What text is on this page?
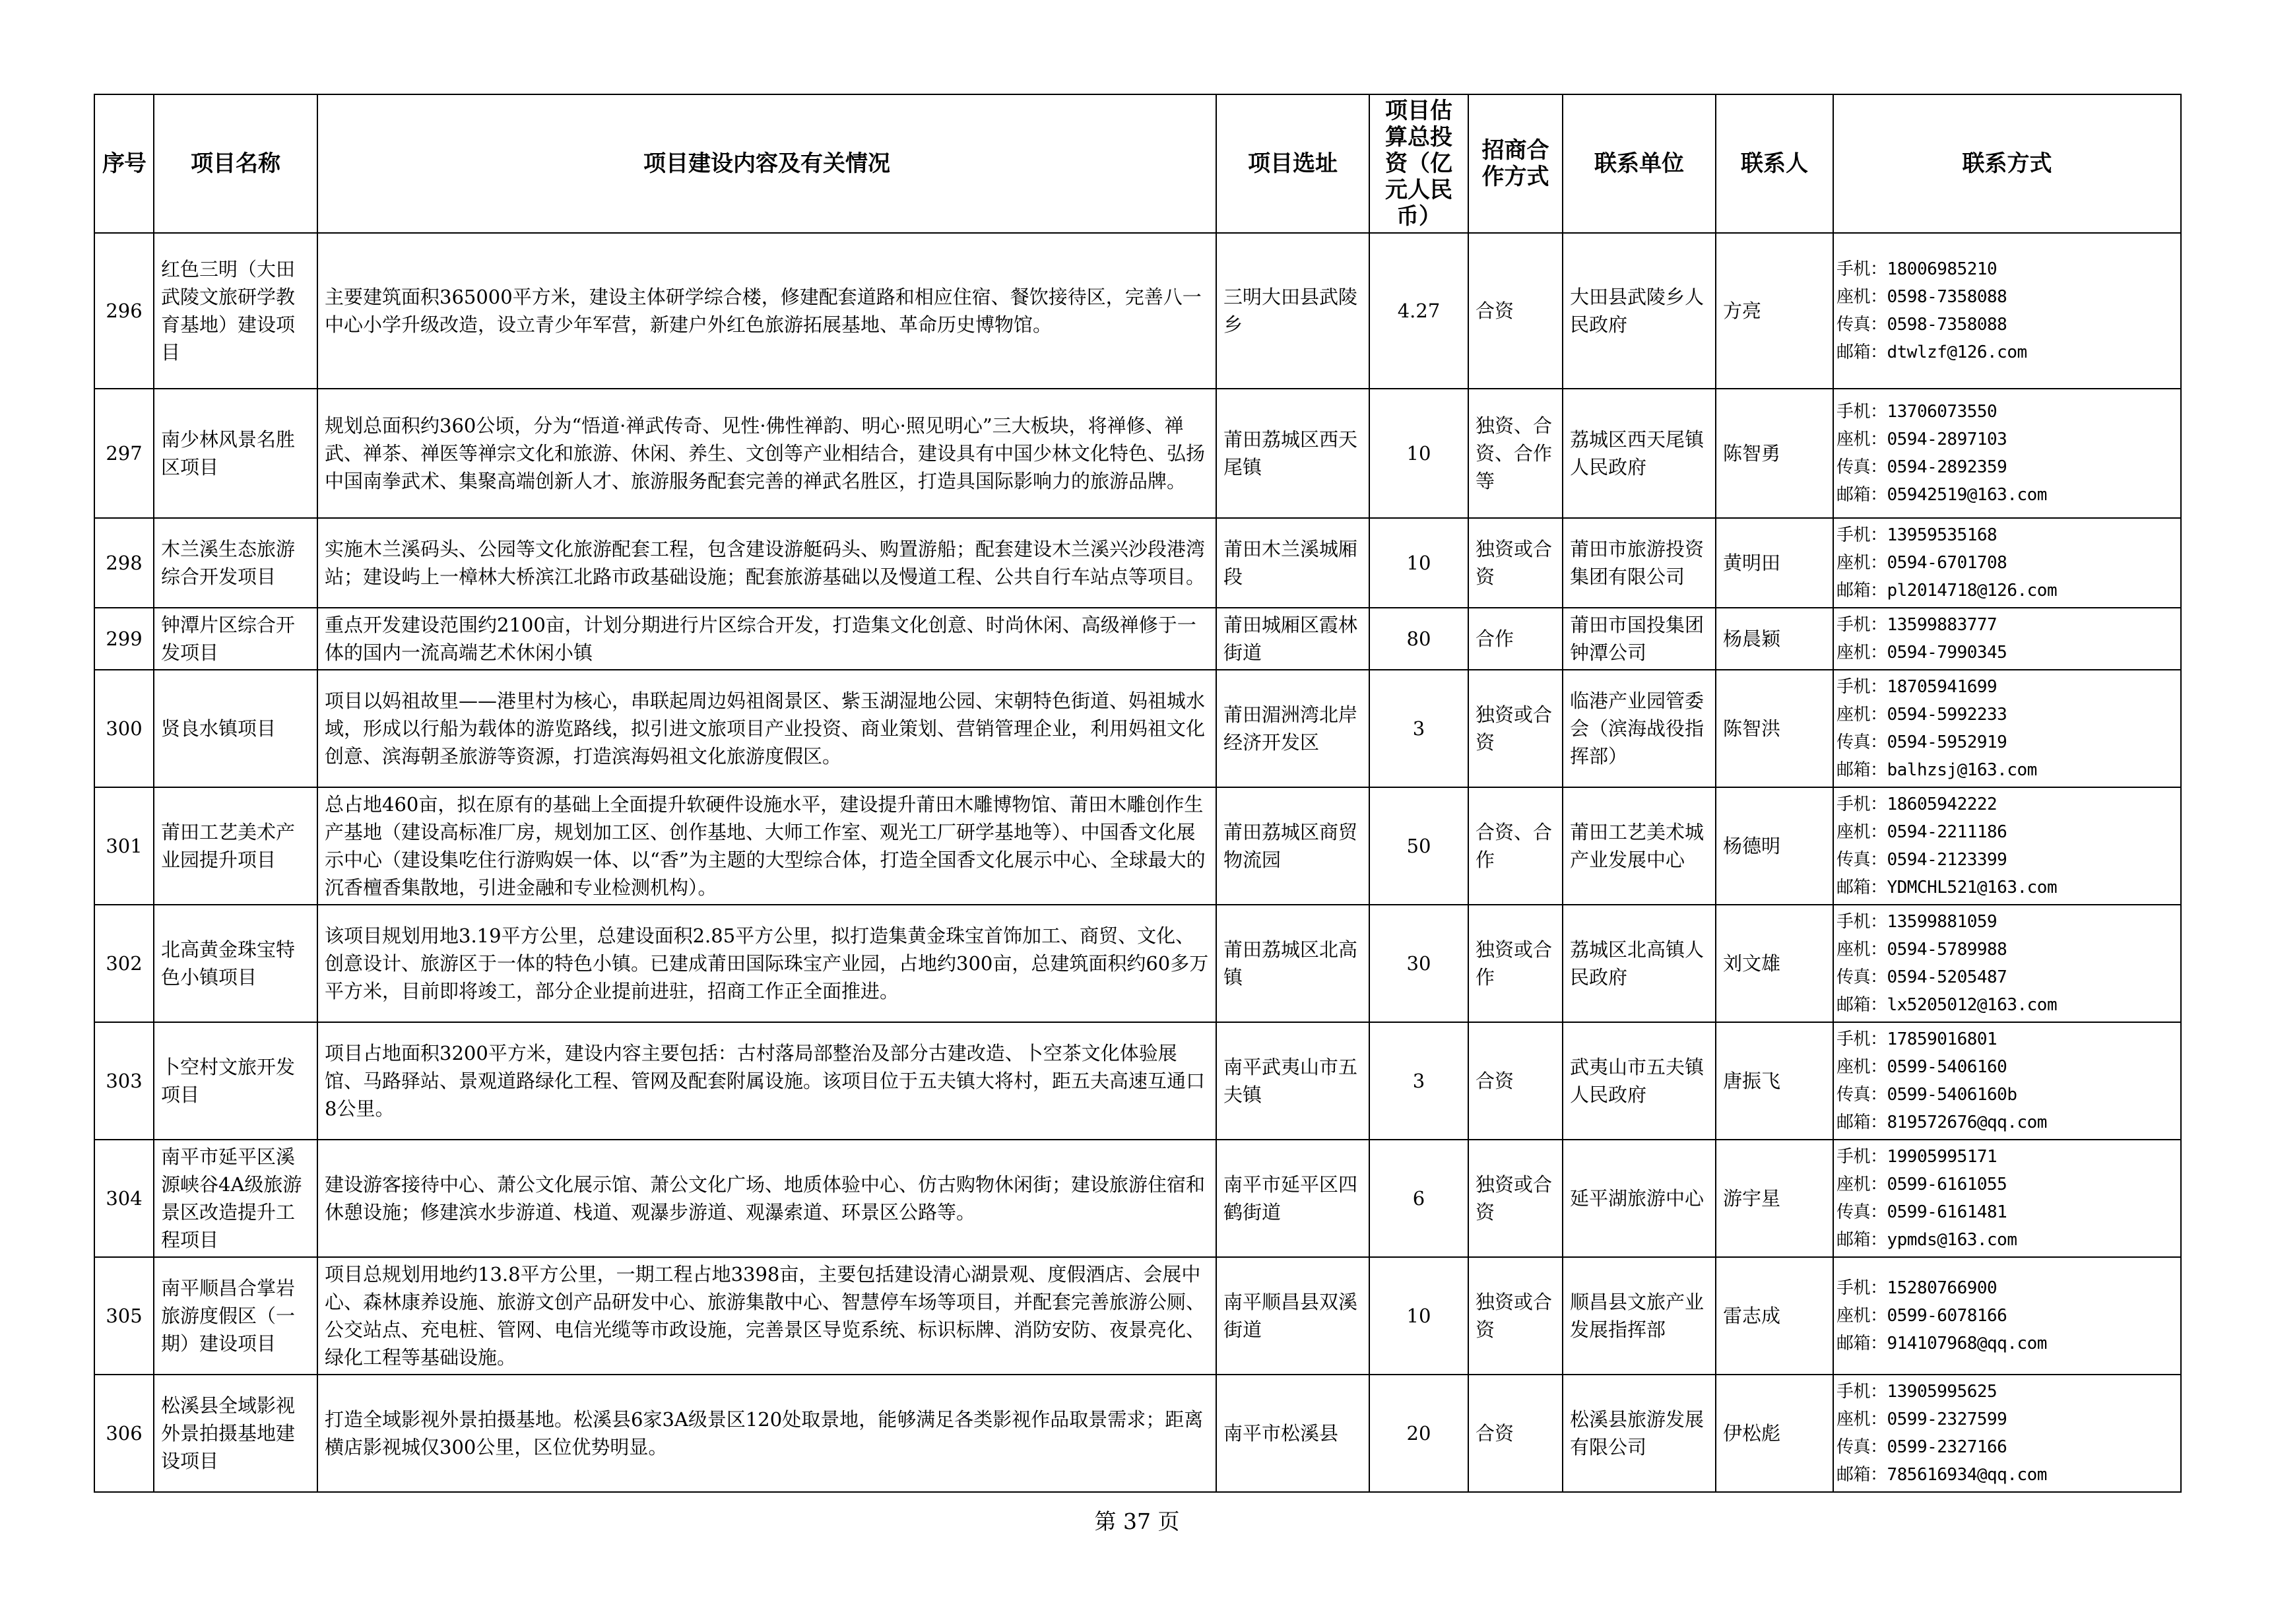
序号	项目名称	项目建设内容及有关情况	项目选址	项目估算总投资（亿元人民币）	招商合作方式	联系单位	联系人	联系方式
296	红色三明（大田武陵文旅研学教育基地）建设项目	主要建筑面积365000平方米，建设主体研学综合楼，修建配套道路和相应住宿、餐饮接待区，完善八一中心小学升级改造，设立青少年军营，新建户外红色旅游拓展基地、革命历史博物馆。	三明大田县武陵乡	4.27	合资	大田县武陵乡人民政府	方亮	手机：18006985210
座机：0598-7358088
传真：0598-7358088
邮箱：dtwlzf@126.com

297	南少林风景名胜区项目	规划总面积约360公顷，分为“悟道·禅武传奇、见性·佛性禅韵、明心·照见明心”三大板块，将禅修、禅武、禅茶、禅医等禅宗文化和旅游、休闲、养生、文创等产业相结合，建设具有中国少林文化特色、弘扬中国南拳武术、集聚高端创新人才、旅游服务配套完善的禅武名胜区，打造具国际影响力的旅游品牌。	莆田荔城区西天尾镇	10	独资、合资、合作等	荔城区西天尾镇人民政府	陈智勇	手机：13706073550
座机：0594-2897103
传真：0594-2892359
邮箱：05942519@163.com

298	木兰溪生态旅游综合开发项目	实施木兰溪码头、公园等文化旅游配套工程，包含建设游艇码头、购置游船；配套建设木兰溪兴沙段港湾站；建设屿上一樟林大桥滨江北路市政基础设施；配套旅游基础以及慢道工程、公共自行车站点等项目。	莆田木兰溪城厢段	10	独资或合资	莆田市旅游投资集团有限公司	黄明田	手机：13959535168
座机：0594-6701708
邮箱：pl2014718@126.com

299	钟潭片区综合开发项目	重点开发建设范围约2100亩，计划分期进行片区综合开发，打造集文化创意、时尚休闲、高级禅修于一体的国内一流高端艺术休闲小镇	莆田城厢区霞林街道	80	合作	莆田市国投集团钟潭公司	杨晨颖	手机：13599883777
座机：0594-7990345

300	贤良水镇项目	项目以妈祖故里——港里村为核心，串联起周边妈祖阁景区、紫玉湖湿地公园、宋朝特色街道、妈祖城水域，形成以行船为载体的游览路线，拟引进文旅项目产业投资、商业策划、营销管理企业，利用妈祖文化创意、滨海朝圣旅游等资源，打造滨海妈祖文化旅游度假区。	莆田湄洲湾北岸经济开发区	3	独资或合资	临港产业园管委会（滨海战役指挥部）	陈智洪	手机：18705941699
座机：0594-5992233
传真：0594-5952919
邮箱：balhzsj@163.com

301	莆田工艺美术产业园提升项目	总占地460亩，拟在原有的基础上全面提升软硬件设施水平，建设提升莆田木雕博物馆、莆田木雕创作生产基地（建设高标准厂房，规划加工区、创作基地、大师工作室、观光工厂研学基地等）、中国香文化展示中心（建设集吃住行游购娱一体、以“香”为主题的大型综合体，打造全国香文化展示中心、全球最大的沉香檀香集散地，引进金融和专业检测机构）。	莆田荔城区商贸物流园	50	合资、合作	莆田工艺美术城产业发展中心	杨德明	手机：18605942222
座机：0594-2211186
传真：0594-2123399
邮箱：YDMCHL521@163.com

302	北高黄金珠宝特色小镇项目	该项目规划用地3.19平方公里，总建设面积2.85平方公里，拟打造集黄金珠宝首饰加工、商贸、文化、创意设计、旅游区于一体的特色小镇。已建成莆田国际珠宝产业园，占地约300亩，总建筑面积约60多万平方米，目前即将竣工，部分企业提前进驻，招商工作正全面推进。	莆田荔城区北高镇	30	独资或合作	荔城区北高镇人民政府	刘文雄	手机：13599881059
座机：0594-5789988
传真：0594-5205487
邮箱：lx5205012@163.com

303	卜空村文旅开发项目	项目占地面积3200平方米，建设内容主要包括：古村落局部整治及部分古建改造、卜空茶文化体验展馆、马路驿站、景观道路绿化工程、管网及配套附属设施。该项目位于五夫镇大将村，距五夫高速互通口8公里。	南平武夷山市五夫镇	3	合资	武夷山市五夫镇人民政府	唐振飞	手机：17859016801
座机：0599-5406160
传真：0599-5406160b
邮箱：819572676@qq.com

304	南平市延平区溪源峡谷4A级旅游景区改造提升工程项目	建设游客接待中心、萧公文化展示馆、萧公文化广场、地质体验中心、仿古购物休闲街；建设旅游住宿和休憩设施；修建滨水步游道、栈道、观瀑步游道、观瀑索道、环景区公路等。	南平市延平区四鹤街道	6	独资或合资	延平湖旅游中心	游宇星	手机：19905995171
座机：0599-6161055
传真：0599-6161481
邮箱：ypmds@163.com

305	南平顺昌合掌岩旅游度假区（一期）建设项目	项目总规划用地约13.8平方公里，一期工程占地3398亩，主要包括建设清心湖景观、度假酒店、会展中心、森林康养设施、旅游文创产品研发中心、旅游集散中心、智慧停车场等项目，并配套完善旅游公厕、公交站点、充电桩、管网、电信光缆等市政设施，完善景区导览系统、标识标牌、消防安防、夜景亮化、绿化工程等基础设施。	南平顺昌县双溪街道	10	独资或合资	顺昌县文旅产业发展指挥部	雷志成	手机：15280766900
座机：0599-6078166
邮箱：914107968@qq.com

306	松溪县全域影视外景拍摄基地建设项目	打造全域影视外景拍摄基地。松溪县6家3A级景区120处取景地，能够满足各类影视作品取景需求；距离横店影视城仅300公里，区位优势明显。	南平市松溪县	20	合资	松溪县旅游发展有限公司	伊松彪	手机：13905995625
座机：0599-2327599
传真：0599-2327166
邮箱：785616934@qq.com
第 37 页
